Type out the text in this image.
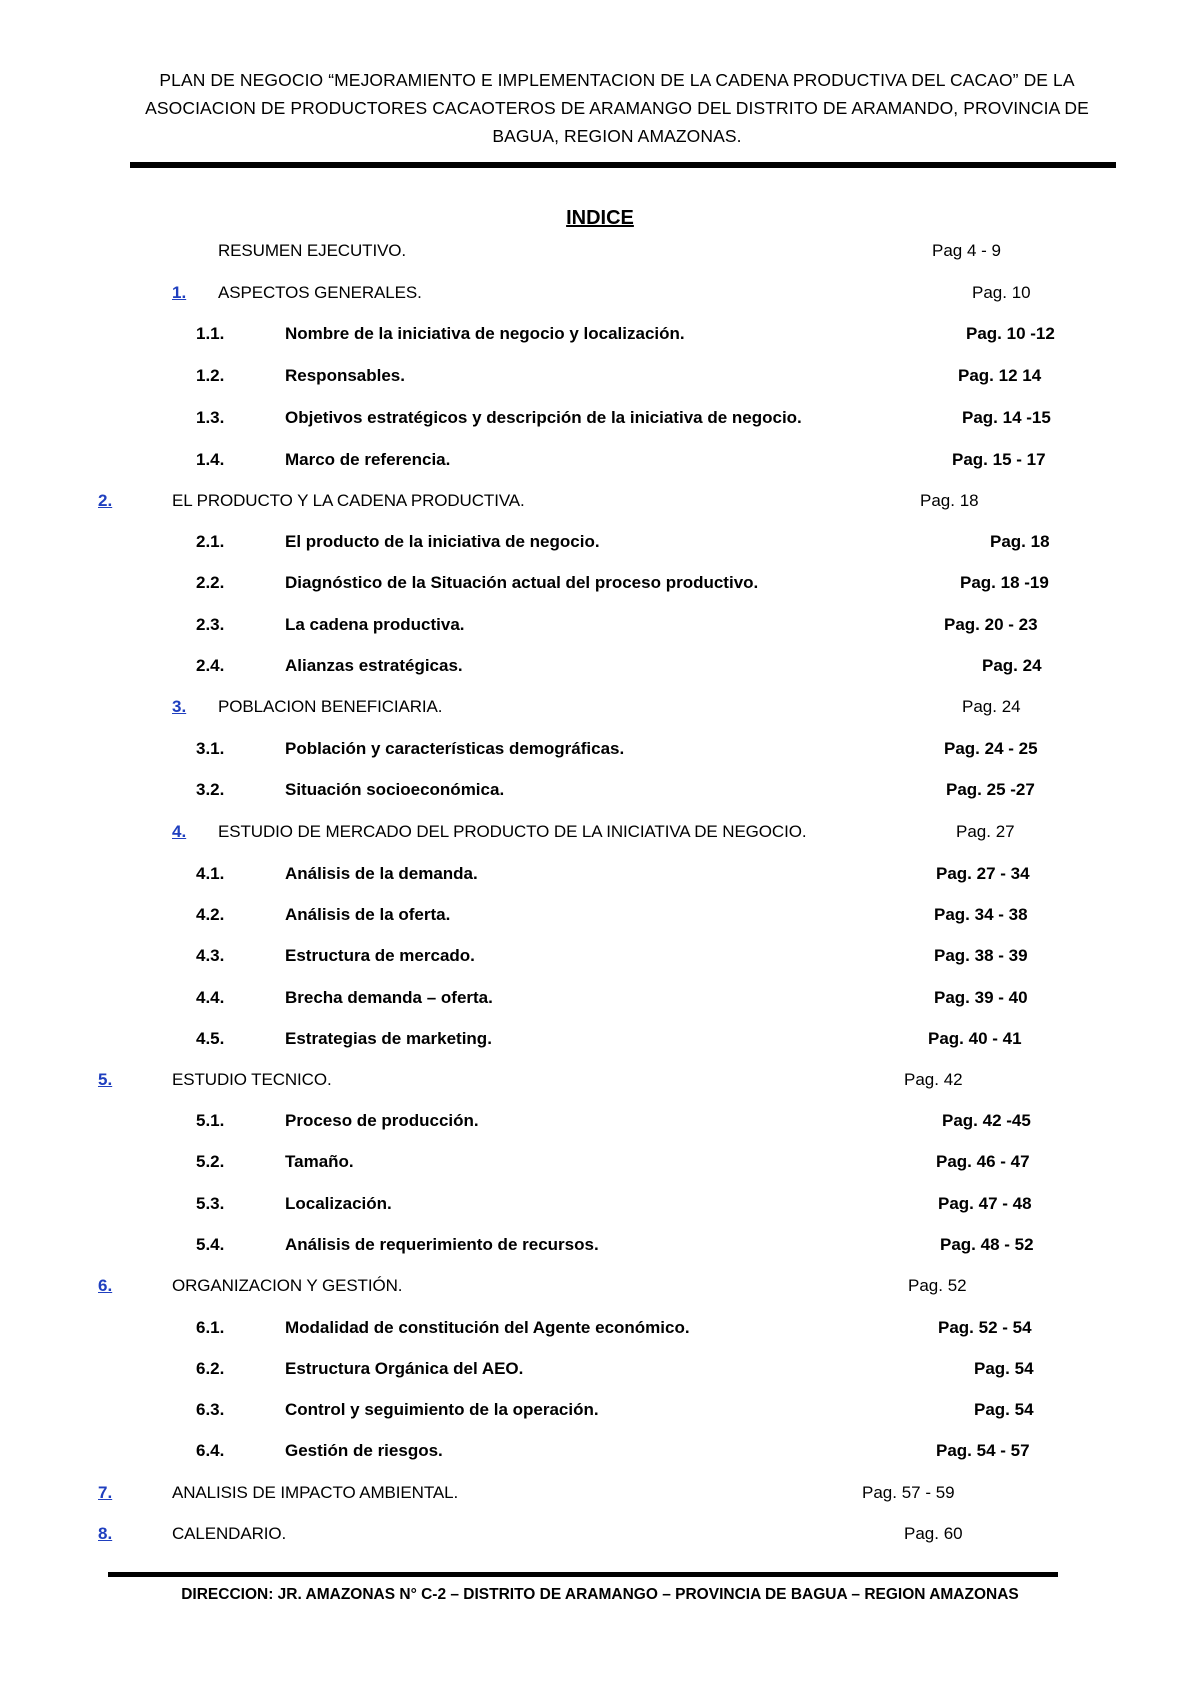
PLAN DE NEGOCIO “MEJORAMIENTO E IMPLEMENTACION DE LA CADENA PRODUCTIVA DEL CACAO” DE LA
ASOCIACION DE PRODUCTORES CACAOTEROS DE ARAMANGO DEL DISTRITO DE ARAMANDO, PROVINCIA DE
BAGUA, REGION AMAZONAS.
INDICE
RESUMEN EJECUTIVO.	Pag 4 - 9
1.	ASPECTOS GENERALES.	Pag. 10
1.1.	Nombre de la iniciativa de negocio y localización.	Pag. 10 -12
1.2.	Responsables.	Pag. 12 14
1.3.	Objetivos estratégicos y descripción de la iniciativa de negocio.	Pag. 14 -15
1.4.	Marco de referencia.	Pag. 15 - 17
2.	EL PRODUCTO Y LA CADENA PRODUCTIVA.	Pag. 18
2.1.	El producto de la iniciativa de negocio.	Pag. 18
2.2.	Diagnóstico de la Situación actual del proceso productivo.	Pag. 18 -19
2.3.	La cadena productiva.	Pag. 20 - 23
2.4.	Alianzas estratégicas.	Pag. 24
3.	POBLACION BENEFICIARIA.	Pag. 24
3.1.	Población y características demográficas.	Pag. 24 - 25
3.2.	Situación socioeconómica.	Pag. 25 -27
4.	ESTUDIO DE MERCADO DEL PRODUCTO DE LA INICIATIVA DE NEGOCIO.	Pag. 27
4.1.	Análisis de la demanda.	Pag. 27 - 34
4.2.	Análisis de la oferta.	Pag. 34 - 38
4.3.	Estructura de mercado.	Pag. 38 - 39
4.4.	Brecha demanda – oferta.	Pag. 39 - 40
4.5.	Estrategias de marketing.	Pag. 40 - 41
5.	ESTUDIO TECNICO.	Pag. 42
5.1.	Proceso de producción.	Pag. 42 -45
5.2.	Tamaño.	Pag. 46 - 47
5.3.	Localización.	Pag. 47 - 48
5.4.	Análisis de requerimiento de recursos.	Pag. 48 - 52
6.	ORGANIZACION Y GESTIÓN.	Pag. 52
6.1.	Modalidad de constitución del Agente económico.	Pag. 52 - 54
6.2.	Estructura Orgánica del AEO.	Pag. 54
6.3.	Control y seguimiento de la operación.	Pag. 54
6.4.	Gestión de riesgos.	Pag. 54 - 57
7.	ANALISIS DE IMPACTO AMBIENTAL.	Pag. 57 - 59
8.	CALENDARIO.	Pag. 60
DIRECCION: JR. AMAZONAS N° C-2 – DISTRITO DE ARAMANGO – PROVINCIA DE BAGUA – REGION AMAZONAS
